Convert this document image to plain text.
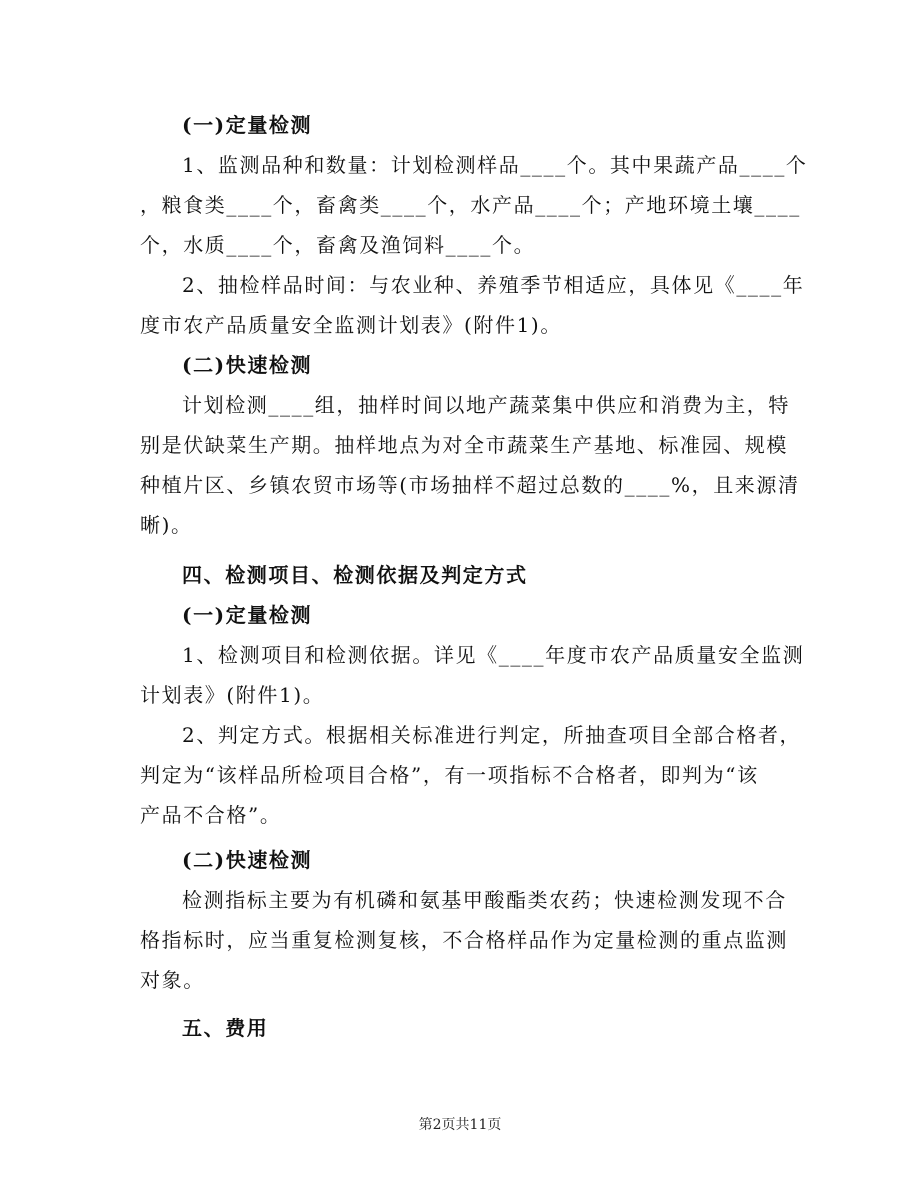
(一)定量检测
1、监测品种和数量：计划检测样品____个。其中果蔬产品____个
，粮食类____个，畜禽类____个，水产品____个；产地环境土壤____
个，水质____个，畜禽及渔饲料____个。
2、抽检样品时间：与农业种、养殖季节相适应，具体见《____年
度市农产品质量安全监测计划表》(附件1)。
(二)快速检测
计划检测____组，抽样时间以地产蔬菜集中供应和消费为主，特
别是伏缺菜生产期。抽样地点为对全市蔬菜生产基地、标准园、规模
种植片区、乡镇农贸市场等(市场抽样不超过总数的____%，且来源清
晰)。
四、检测项目、检测依据及判定方式
(一)定量检测
1、检测项目和检测依据。详见《____年度市农产品质量安全监测
计划表》(附件1)。
2、判定方式。根据相关标准进行判定，所抽查项目全部合格者，
判定为“该样品所检项目合格”，有一项指标不合格者，即判为“该
产品不合格”。
(二)快速检测
检测指标主要为有机磷和氨基甲酸酯类农药；快速检测发现不合
格指标时，应当重复检测复核，不合格样品作为定量检测的重点监测
对象。
五、费用
第2页共11页
